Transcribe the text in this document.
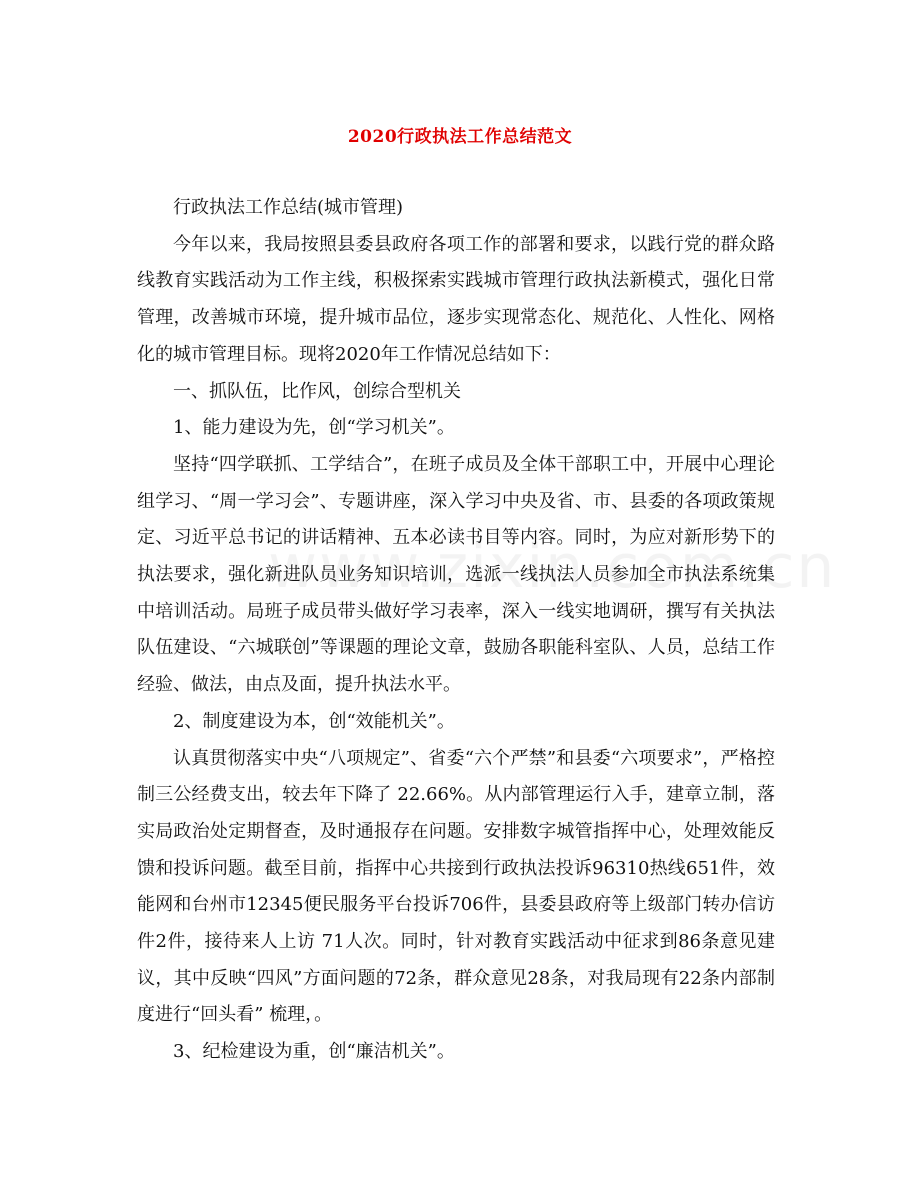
2020行政执法工作总结范文

行政执法工作总结(城市管理)

今年以来，我局按照县委县政府各项工作的部署和要求，以践行党的群众路线教育实践活动为工作主线，积极探索实践城市管理行政执法新模式，强化日常管理，改善城市环境，提升城市品位，逐步实现常态化、规范化、人性化、网格化的城市管理目标。现将2020年工作情况总结如下：

一、抓队伍，比作风，创综合型机关

1、能力建设为先，创“学习机关”。

坚持“四学联抓、工学结合”，在班子成员及全体干部职工中，开展中心理论组学习、“周一学习会”、专题讲座，深入学习中央及省、市、县委的各项政策规定、习近平总书记的讲话精神、五本必读书目等内容。同时，为应对新形势下的执法要求，强化新进队员业务知识培训，选派一线执法人员参加全市执法系统集中培训活动。局班子成员带头做好学习表率，深入一线实地调研，撰写有关执法队伍建设、“六城联创”等课题的理论文章，鼓励各职能科室队、人员，总结工作经验、做法，由点及面，提升执法水平。

2、制度建设为本，创“效能机关”。

认真贯彻落实中央“八项规定”、省委“六个严禁”和县委“六项要求”，严格控制三公经费支出，较去年下降了 22.66%。从内部管理运行入手，建章立制，落实局政治处定期督查，及时通报存在问题。安排数字城管指挥中心，处理效能反馈和投诉问题。截至目前，指挥中心共接到行政执法投诉96310热线651件，效能网和台州市12345便民服务平台投诉706件，县委县政府等上级部门转办信访件2件，接待来人上访 71人次。同时，针对教育实践活动中征求到86条意见建议，其中反映“四风”方面问题的72条，群众意见28条，对我局现有22条内部制度进行“回头看” 梳理，。

3、纪检建设为重，创“廉洁机关”。
